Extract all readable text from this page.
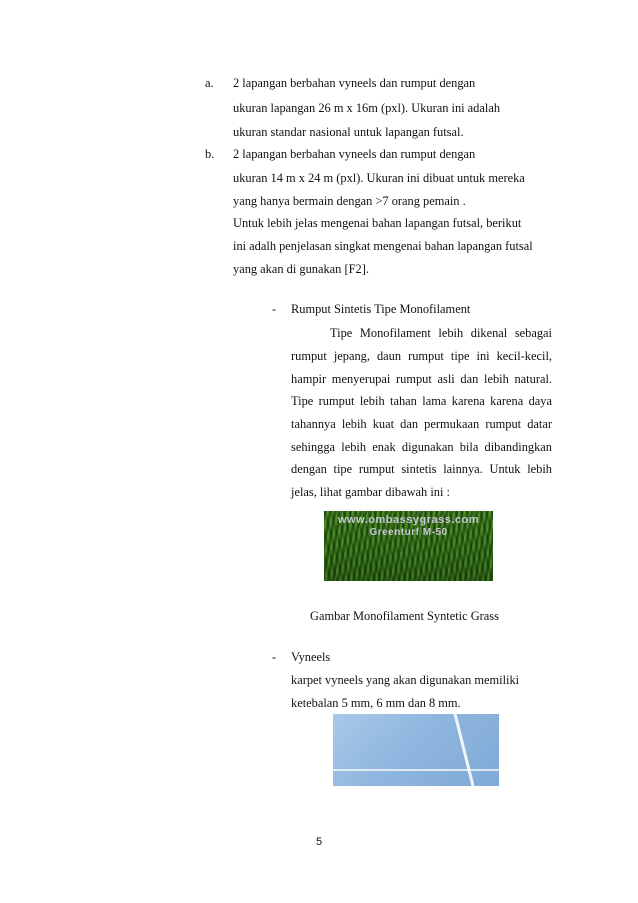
a. 2 lapangan berbahan vyneels dan rumput dengan
ukuran lapangan 26 m x 16m (pxl). Ukuran ini adalah
ukuran standar nasional untuk lapangan futsal.
b. 2 lapangan berbahan vyneels dan rumput dengan
ukuran 14 m x 24 m (pxl). Ukuran ini dibuat untuk mereka
yang hanya bermain dengan >7 orang pemain .
Untuk lebih jelas mengenai bahan lapangan futsal, berikut
ini adalh penjelasan singkat mengenai bahan lapangan futsal
yang akan di gunakan [F2].
- Rumput Sintetis Tipe Monofilament
Tipe Monofilament lebih dikenal sebagai
rumput jepang, daun rumput tipe ini kecil-kecil,
hampir menyerupai rumput asli dan lebih natural.
Tipe rumput lebih tahan lama karena karena daya
tahannya lebih kuat dan permukaan rumput datar
sehingga lebih enak digunakan bila dibandingkan
dengan tipe rumput sintetis lainnya. Untuk lebih
jelas, lihat gambar dibawah ini :
www.ombassygrass.com
Greenturf M-50
Gambar Monofilament Syntetic Grass
- Vyneels
karpet vyneels yang akan digunakan memiliki
ketebalan 5 mm, 6 mm dan 8 mm.
5
